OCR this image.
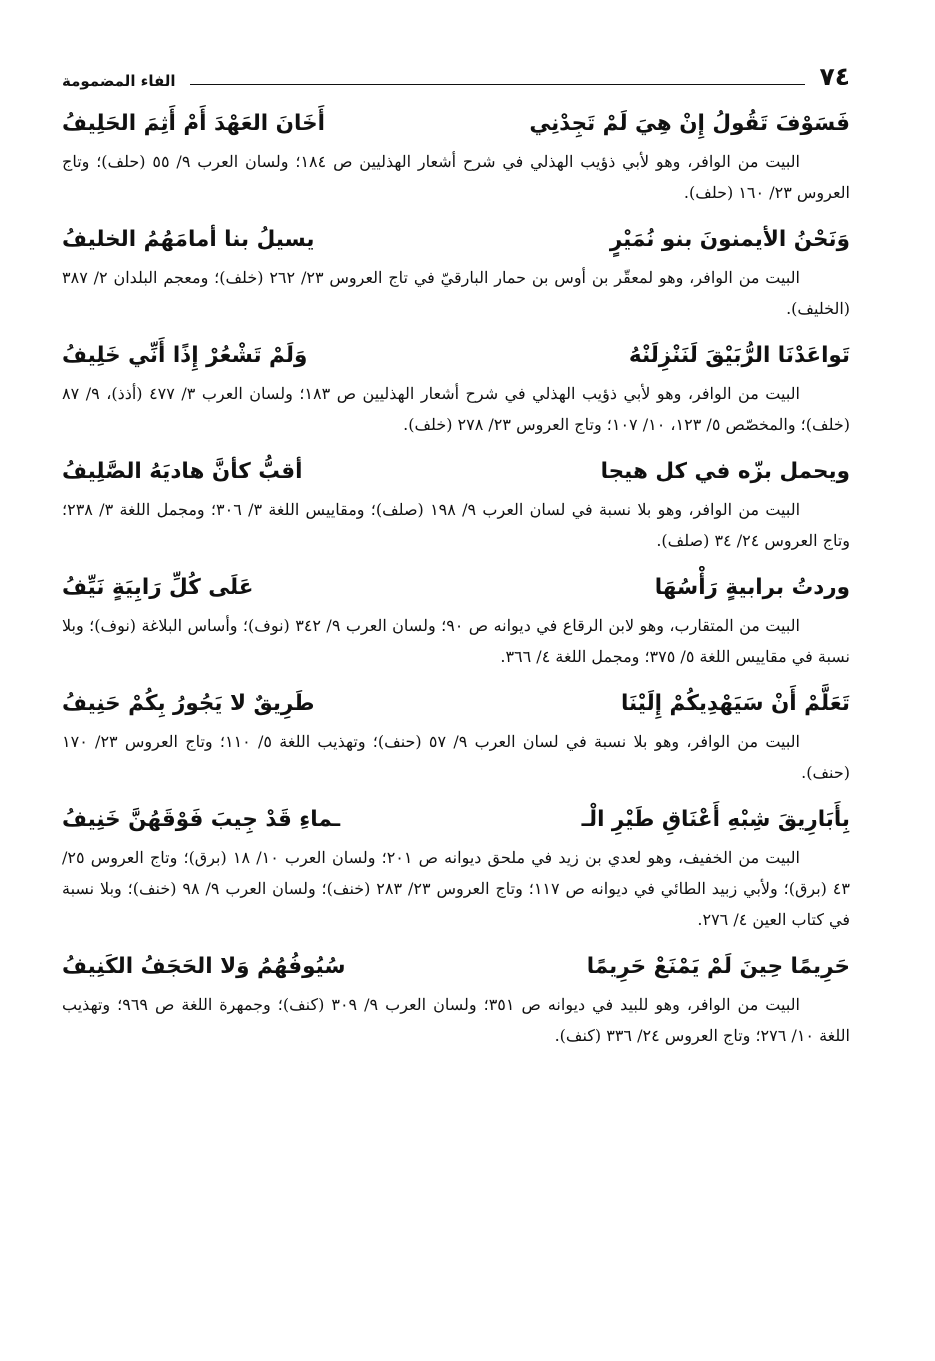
٧٤
الفاء المضمومة
فَسَوْفَ تَقُولُ إِنْ هِيَ لَمْ تَجِدْنِي
أَخَانَ العَهْدَ أَمْ أَثِمَ الحَلِيفُ

البيت من الوافر، وهو لأبي ذؤيب الهذلي في شرح أشعار الهذليين ص ١٨٤؛ ولسان العرب ٩/ ٥٥ (حلف)؛ وتاج العروس ٢٣/ ١٦٠ (حلف).

وَنَحْنُ الأيمنونَ بنو نُمَيْرٍ
يسيلُ بنا أمامَهُمُ الخليفُ

البيت من الوافر، وهو لمعقّر بن أوس بن حمار البارقيّ في تاج العروس ٢٣/ ٢٦٢ (خلف)؛ ومعجم البلدان ٢/ ٣٨٧ (الخليف).

تَواعَدْنَا الرُّبَيْقَ لَنَنْزِلَنْهُ
وَلَمْ تَشْعُرْ إِذًا أَنِّي خَلِيفُ

البيت من الوافر، وهو لأبي ذؤيب الهذلي في شرح أشعار الهذليين ص ١٨٣؛ ولسان العرب ٣/ ٤٧٧ (أذذ)، ٩/ ٨٧ (خلف)؛ والمخصّص ٥/ ١٢٣، ١٠/ ١٠٧؛ وتاج العروس ٢٣/ ٢٧٨ (خلف).

ويحمل بزّه في كل هيجا
أقبُّ كأنَّ هاديَهُ الصَّلِيفُ

البيت من الوافر، وهو بلا نسبة في لسان العرب ٩/ ١٩٨ (صلف)؛ ومقاييس اللغة ٣/ ٣٠٦؛ ومجمل اللغة ٣/ ٢٣٨؛ وتاج العروس ٢٤/ ٣٤ (صلف).

وردتُ برابيةٍ رَأْسُهَا
عَلَى كُلِّ رَابِيَةٍ نَيِّفُ

البيت من المتقارب، وهو لابن الرقاع في ديوانه ص ٩٠؛ ولسان العرب ٩/ ٣٤٢ (نوف)؛ وأساس البلاغة (نوف)؛ وبلا نسبة في مقاييس اللغة ٥/ ٣٧٥؛ ومجمل اللغة ٤/ ٣٦٦.

تَعَلَّمْ أَنْ سَيَهْدِيكُمْ إِلَيْنَا
طَرِيقٌ لا يَجُورُ بِكُمْ حَنِيفُ

البيت من الوافر، وهو بلا نسبة في لسان العرب ٩/ ٥٧ (حنف)؛ وتهذيب اللغة ٥/ ١١٠؛ وتاج العروس ٢٣/ ١٧٠ (حنف).

بِأَبَارِيقَ شِبْهِ أَعْنَاقِ طَيْرِ الْـ
ـماءِ قَدْ جِيبَ فَوْقَهُنَّ خَنِيفُ

البيت من الخفيف، وهو لعدي بن زيد في ملحق ديوانه ص ٢٠١؛ ولسان العرب ١٠/ ١٨ (برق)؛ وتاج العروس ٢٥/ ٤٣ (برق)؛ ولأبي زبيد الطائي في ديوانه ص ١١٧؛ وتاج العروس ٢٣/ ٢٨٣ (خنف)؛ ولسان العرب ٩/ ٩٨ (خنف)؛ وبلا نسبة في كتاب العين ٤/ ٢٧٦.

حَرِيمًا حِينَ لَمْ يَمْنَعْ حَرِيمًا
سُيُوفُهُمُ وَلا الحَجَفُ الكَنِيفُ

البيت من الوافر، وهو للبيد في ديوانه ص ٣٥١؛ ولسان العرب ٩/ ٣٠٩ (كنف)؛ وجمهرة اللغة ص ٩٦٩؛ وتهذيب اللغة ١٠/ ٢٧٦؛ وتاج العروس ٢٤/ ٣٣٦ (كنف).
